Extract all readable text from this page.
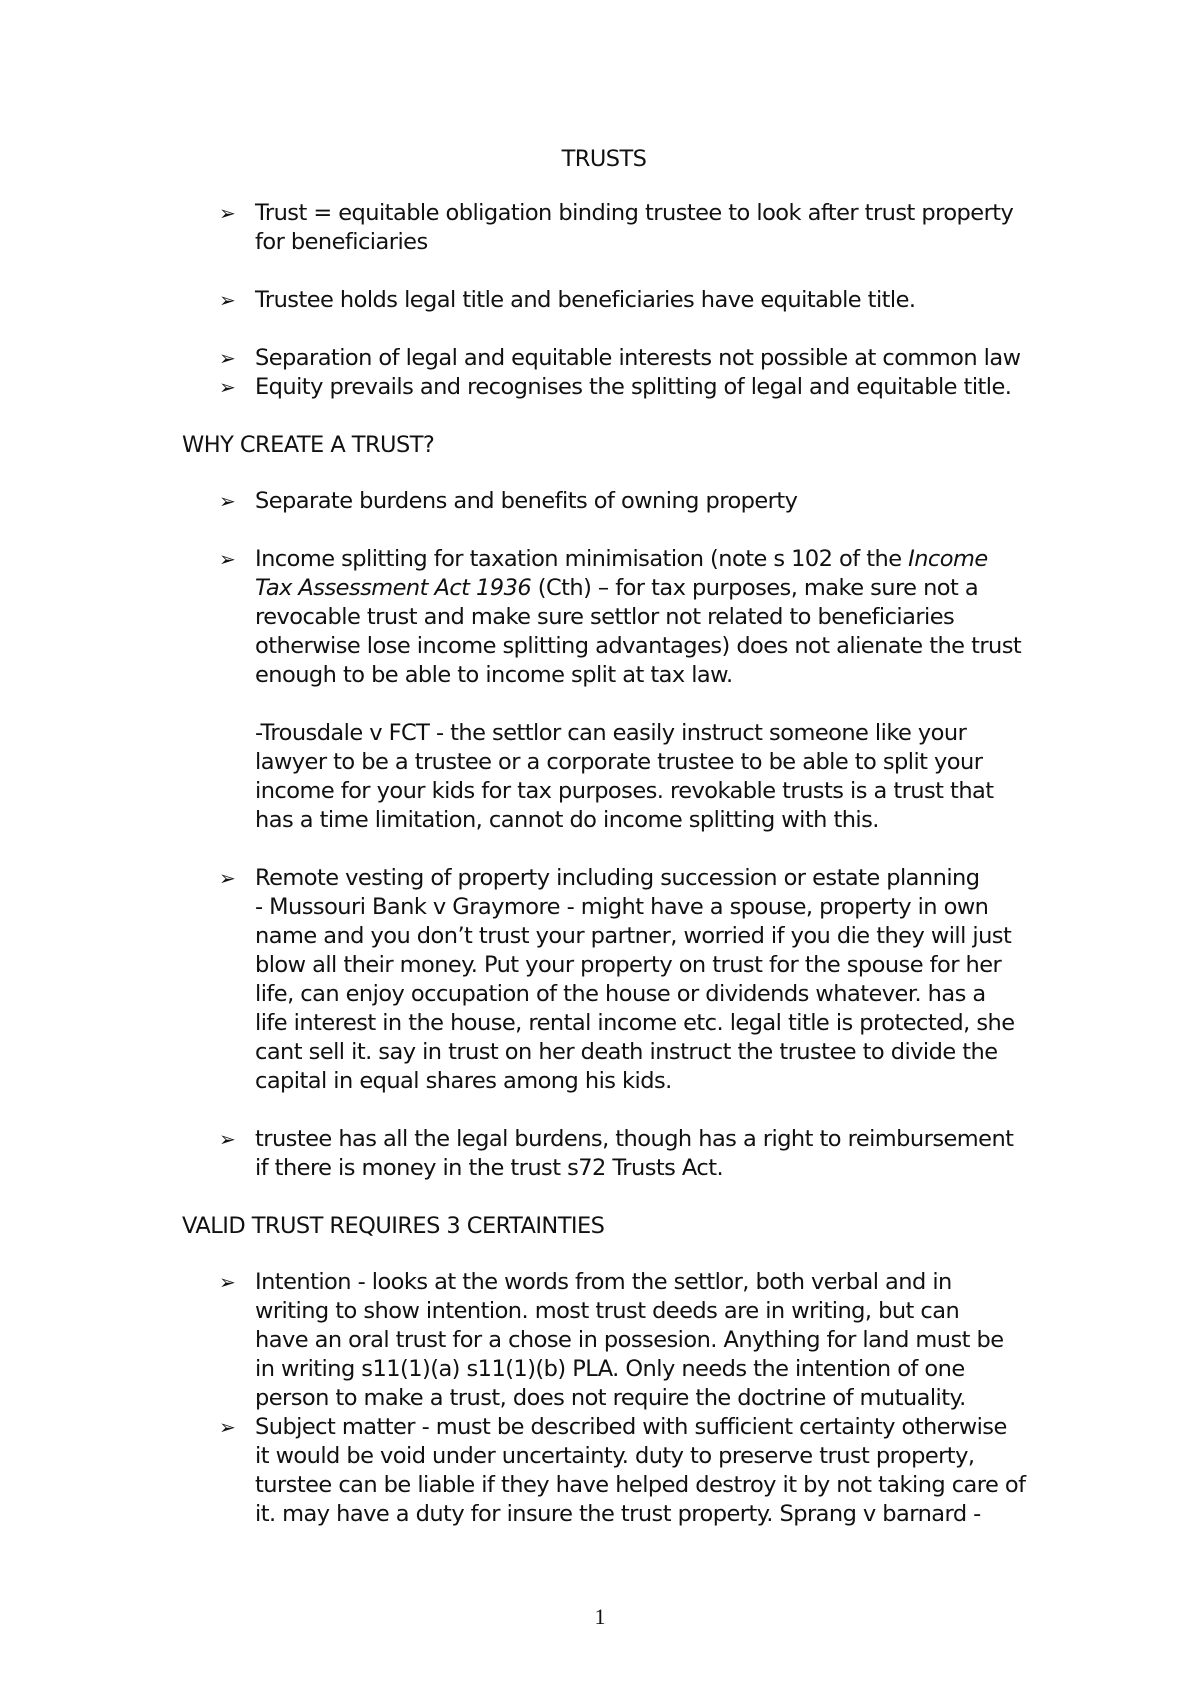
TRUSTS
➢ Trust = equitable obligation binding trustee to look after trust property
for beneficiaries
➢ Trustee holds legal title and beneficiaries have equitable title.
➢ Separation of legal and equitable interests not possible at common law
➢ Equity prevails and recognises the splitting of legal and equitable title.
WHY CREATE A TRUST?
➢ Separate burdens and benefits of owning property
➢ Income splitting for taxation minimisation (note s 102 of the Income
Tax Assessment Act 1936 (Cth) – for tax purposes, make sure not a
revocable trust and make sure settlor not related to beneficiaries
otherwise lose income splitting advantages) does not alienate the trust
enough to be able to income split at tax law.
-Trousdale v FCT - the settlor can easily instruct someone like your
lawyer to be a trustee or a corporate trustee to be able to split your
income for your kids for tax purposes. revokable trusts is a trust that
has a time limitation, cannot do income splitting with this.
➢ Remote vesting of property including succession or estate planning
- Mussouri Bank v Graymore - might have a spouse, property in own
name and you don’t trust your partner, worried if you die they will just
blow all their money. Put your property on trust for the spouse for her
life, can enjoy occupation of the house or dividends whatever. has a
life interest in the house, rental income etc. legal title is protected, she
cant sell it. say in trust on her death instruct the trustee to divide the
capital in equal shares among his kids.
➢ trustee has all the legal burdens, though has a right to reimbursement
if there is money in the trust s72 Trusts Act.
VALID TRUST REQUIRES 3 CERTAINTIES
➢ Intention - looks at the words from the settlor, both verbal and in
writing to show intention. most trust deeds are in writing, but can
have an oral trust for a chose in possesion. Anything for land must be
in writing s11(1)(a) s11(1)(b) PLA. Only needs the intention of one
person to make a trust, does not require the doctrine of mutuality.
➢ Subject matter - must be described with sufficient certainty otherwise
it would be void under uncertainty. duty to preserve trust property,
turstee can be liable if they have helped destroy it by not taking care of
it. may have a duty for insure the trust property. Sprang v barnard -
1
